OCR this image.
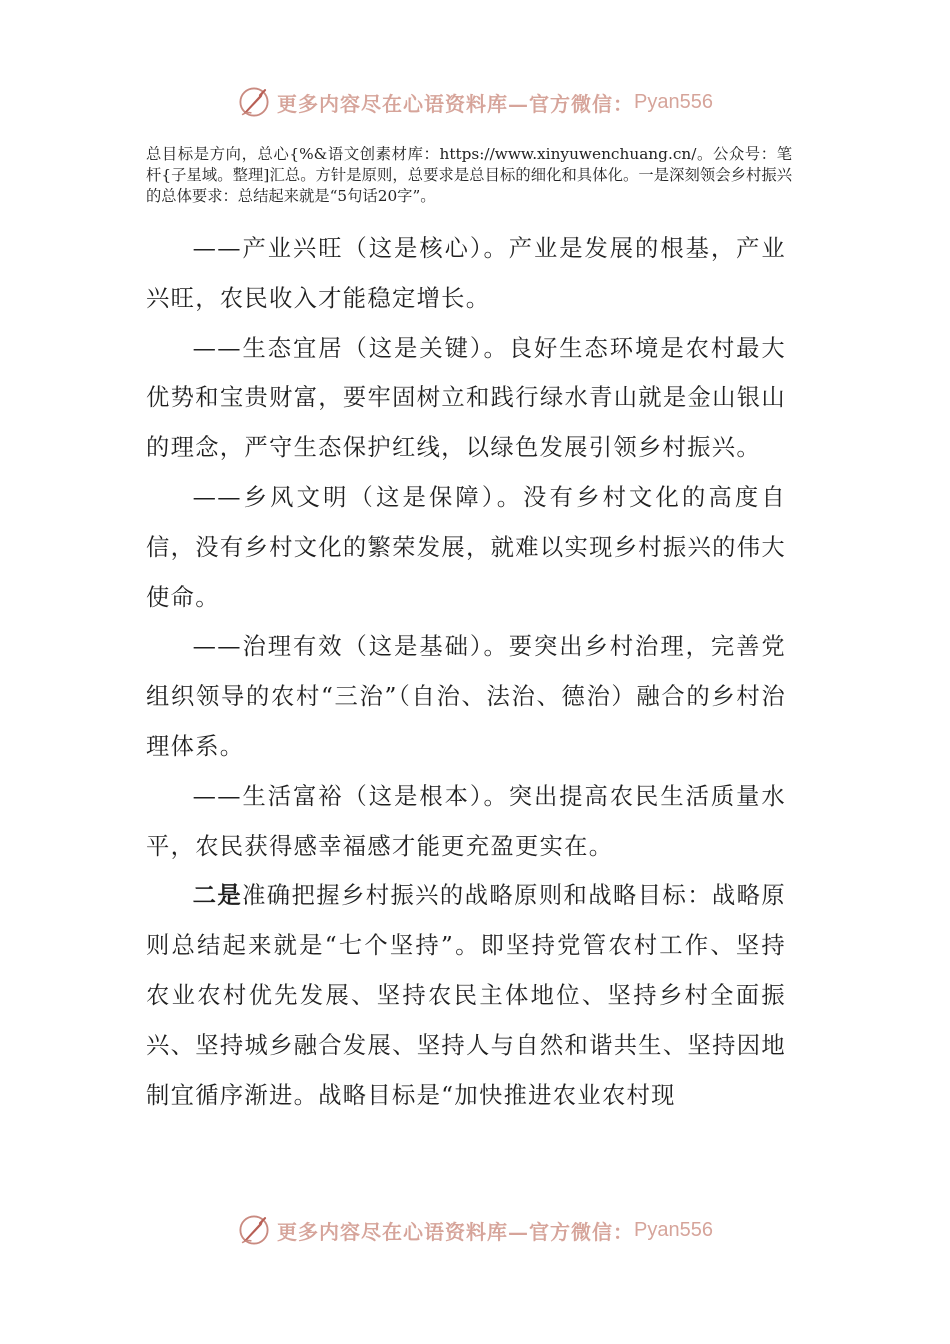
更多内容尽在心语资料库—官方微信： Pyan556
总目标是方向，总心{%&语文创素材库：https://www.xinyuwenchuang.cn/。公众号：笔杆{子星域。整理]汇总。方针是原则，总要求是总目标的细化和具体化。一是深刻领会乡村振兴的总体要求：总结起来就是“5句话20字”。

——产业兴旺（这是核心）。产业是发展的根基，产业兴旺，农民收入才能稳定增长。

——生态宜居（这是关键）。良好生态环境是农村最大优势和宝贵财富，要牢固树立和践行绿水青山就是金山银山的理念，严守生态保护红线，以绿色发展引领乡村振兴。

——乡风文明（这是保障）。没有乡村文化的高度自信，没有乡村文化的繁荣发展，就难以实现乡村振兴的伟大使命。

——治理有效（这是基础）。要突出乡村治理，完善党组织领导的农村“三治”（自治、法治、德治）融合的乡村治理体系。

——生活富裕（这是根本）。突出提高农民生活质量水平，农民获得感幸福感才能更充盈更实在。

二是准确把握乡村振兴的战略原则和战略目标：战略原则总结起来就是“七个坚持”。即坚持党管农村工作、坚持农业农村优先发展、坚持农民主体地位、坚持乡村全面振兴、坚持城乡融合发展、坚持人与自然和谐共生、坚持因地制宜循序渐进。战略目标是“加快推进农业农村现

更多内容尽在心语资料库—官方微信： Pyan556
